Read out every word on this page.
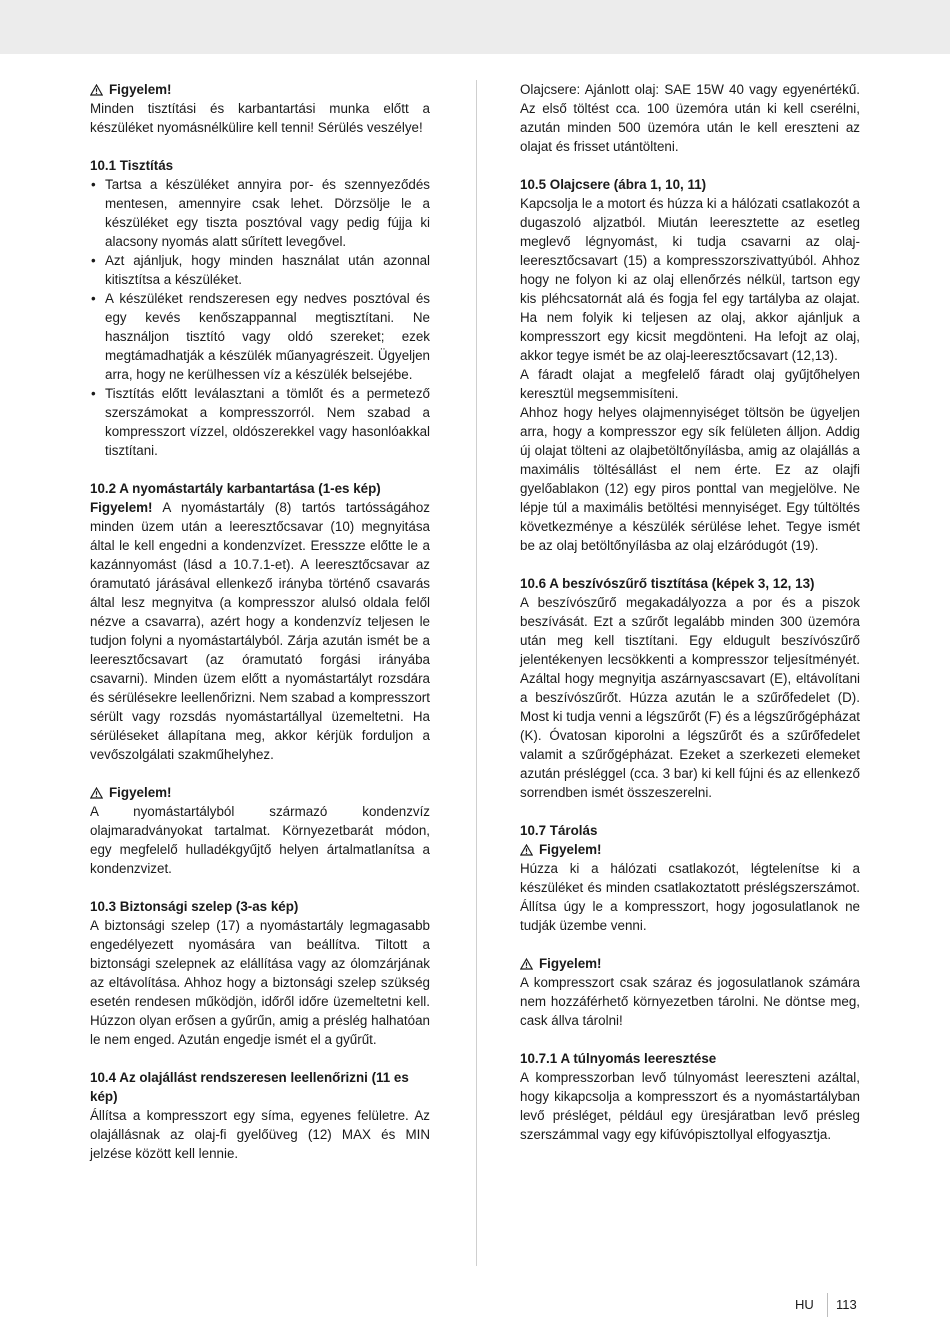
Figyelem!

Minden tisztítási és karbantartási munka előtt a készüléket nyomásnélkülire kell tenni! Sérülés veszélye!

10.1 Tisztítás

• Tartsa a készüléket annyira por- és szennyeződés mentesen, amennyire csak lehet. Dörzsölje le a készüléket egy tiszta posztóval vagy pedig fújja ki alacsony nyomás alatt sűrített levegővel.
• Azt ajánljuk, hogy minden használat után azonnal kitisztítsa a készüléket.
• A készüléket rendszeresen egy nedves posztóval és egy kevés kenőszappannal megtisztítani. Ne használjon tisztító vagy oldó szereket; ezek megtámadhatják a készülék műanyagrészeit. Ügyeljen arra, hogy ne kerülhessen víz a készülék belsejébe.
• Tisztítás előtt leválasztani a tömlőt és a permetező szerszámokat a kompresszorról. Nem szabad a kompresszort vízzel, oldószerekkel vagy hasonlóakkal tisztítani.

10.2 A nyomástartály karbantartása (1-es kép)

Figyelem! A nyomástartály (8) tartós tartósságához minden üzem után a leeresztőcsavar (10) megnyitása által le kell engedni a kondenzvízet. Eresszze előtte le a kazánnyomást (lásd a 10.7.1-et). A leeresztőcsavar az óramutató járásával ellenkező irányba történő csavarás által lesz megnyitva (a kompresszor alulsó oldala felől nézve a csavarra), azért hogy a kondenzvíz teljesen le tudjon folyni a nyomástartályból. Zárja azután ismét be a leeresztőcsavart (az óramutató forgási irányába csavarni). Minden üzem előtt a nyomástartályt rozsdára és sérülésekre leellenőrizni. Nem szabad a kompresszort sérült vagy rozsdás nyomástartállyal üzemeltetni. Ha sérüléseket állapítana meg, akkor kérjük forduljon a vevőszolgálati szakműhelyhez.

Figyelem!

A nyomástartályból származó kondenzvíz olajmaradványokat tartalmat. Környezetbarát módon, egy megfelelő hulladékgyűjtő helyen ártalmatlanítsa a kondenzvizet.

10.3 Biztonsági szelep (3-as kép)

A biztonsági szelep (17) a nyomástartály legmagasabb engedélyezett nyomására van beállítva. Tiltott a biztonsági szelepnek az elállítása vagy az ólomzárjának az eltávolítása. Ahhoz hogy a biztonsági szelep szükség esetén rendesen működjön, időről időre üzemeltetni kell. Húzzon olyan erősen a gyűrűn, amig a préslég halhatóan le nem enged. Azután engedje ismét el a gyűrűt.

10.4 Az olajállást rendszeresen leellenőrizni (11 es kép)

Állítsa a kompresszort egy síma, egyenes felületre. Az olajállásnak az olaj-fi gyelőüveg (12) MAX és MIN jelzése között kell lennie.

Olajcsere: Ajánlott olaj: SAE 15W 40 vagy egyenértékű. Az első töltést cca. 100 üzemóra után ki kell cserélni, azután minden 500 üzemóra után le kell ereszteni az olajat és frisset utántölteni.

10.5 Olajcsere (ábra 1, 10, 11)

Kapcsolja le a motort és húzza ki a hálózati csatlakozót a dugaszoló aljzatból. Miután leeresztette az esetleg meglevő légnyomást, ki tudja csavarni az olaj-leeresztőcsavart (15) a kompresszorszivattyúból. Ahhoz hogy ne folyon ki az olaj ellenőrzés nélkül, tartson egy kis pléhcsatornát alá és fogja fel egy tartályba az olajat. Ha nem folyik ki teljesen az olaj, akkor ajánljuk a kompresszort egy kicsit megdönteni. Ha lefojt az olaj, akkor tegye ismét be az olaj-leeresztőcsavart (12,13).

A fáradt olajat a megfelelő fáradt olaj gyűjtőhelyen keresztül megsemmisíteni.

Ahhoz hogy helyes olajmennyiséget töltsön be ügyeljen arra, hogy a kompresszor egy sík felületen álljon. Addig új olajat tölteni az olajbetöltőnyílásba, amig az olajállás a maximális töltésállást el nem érte. Ez az olajfi gyelőablakon (12) egy piros ponttal van megjelölve. Ne lépje túl a maximális betöltési mennyiséget. Egy túltöltés következménye a készülék sérülése lehet. Tegye ismét be az olaj betöltőnyílásba az olaj elzáródugót (19).

10.6 A beszívószűrő tisztítása (képek 3, 12, 13)

A beszívószűrő megakadályozza a por és a piszok beszívását. Ezt a szűrőt legalább minden 300 üzemóra után meg kell tisztítani. Egy eldugult beszívószűrő jelentékenyen lecsökkenti a kompresszor teljesítményét. Azáltal hogy megnyitja aszárnyascsavart (E), eltávolítani a beszívószűrőt. Húzza azután le a szűrőfedelet (D). Most ki tudja venni a légszűrőt (F) és a légszűrőgépházat (K). Óvatosan kiporolni a légszűrőt és a szűrőfedelet valamit a szűrőgépházat. Ezeket a szerkezeti elemeket azután présléggel (cca. 3 bar) ki kell fújni és az ellenkező sorrendben ismét összeszerelni.

10.7 Tárolás

Figyelem!

Húzza ki a hálózati csatlakozót, légtelenítse ki a készüléket és minden csatlakoztatott préslégszerszámot. Állítsa úgy le a kompresszort, hogy jogosulatlanok ne tudják üzembe venni.

Figyelem!

A kompresszort csak száraz és jogosulatlanok számára nem hozzáférhető környezetben tárolni. Ne döntse meg, cask állva tárolni!

10.7.1 A túlnyomás leeresztése

A kompresszorban levő túlnyomást leereszteni azáltal, hogy kikapcsolja a kompresszort és a nyomástartályban levő présléget, például egy üresjáratban levő présleg szerszámmal vagy egy kifúvópisztollyal elfogyasztja.

HU 113
